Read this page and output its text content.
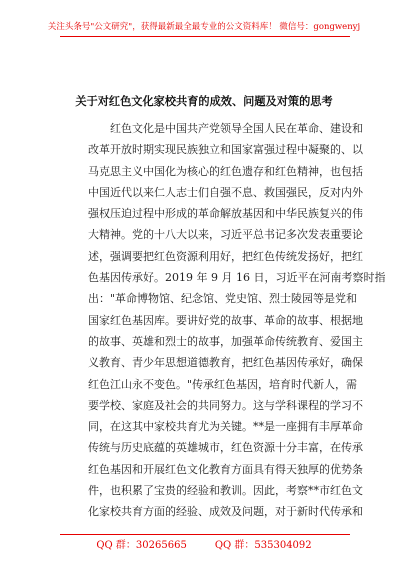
关注头条号"公文研究"，获得最新最全最专业的公文资料库！ 微信号：gongwenyj
关于对红色文化家校共育的成效、问题及对策的思考
红色文化是中国共产党领导全国人民在革命、建设和
改革开放时期实现民族独立和国家富强过程中凝聚的、以
马克思主义中国化为核心的红色遗存和红色精神，也包括
中国近代以来仁人志士们自强不息、救国强民，反对内外
强权压迫过程中形成的革命解放基因和中华民族复兴的伟
大精神。党的十八大以来，习近平总书记多次发表重要论
述，强调要把红色资源利用好，把红色传统发扬好，把红
色基因传承好。2019 年 9 月 16 日，习近平在河南考察时指
出："革命博物馆、纪念馆、党史馆、烈士陵园等是党和
国家红色基因库。要讲好党的故事、革命的故事、根据地
的故事、英雄和烈士的故事，加强革命传统教育、爱国主
义教育、青少年思想道德教育，把红色基因传承好，确保
红色江山永不变色。"传承红色基因，培育时代新人，需
要学校、家庭及社会的共同努力。这与学科课程的学习不
同，在这其中家校共育尤为关键。**是一座拥有丰厚革命
传统与历史底蕴的英雄城市，红色资源十分丰富，在传承
红色基因和开展红色文化教育方面具有得天独厚的优势条
件，也积累了宝贵的经验和教训。因此，考察**市红色文
化家校共育方面的经验、成效及问题，对于新时代传承和
QQ 群：30265665	QQ 群：535304092
